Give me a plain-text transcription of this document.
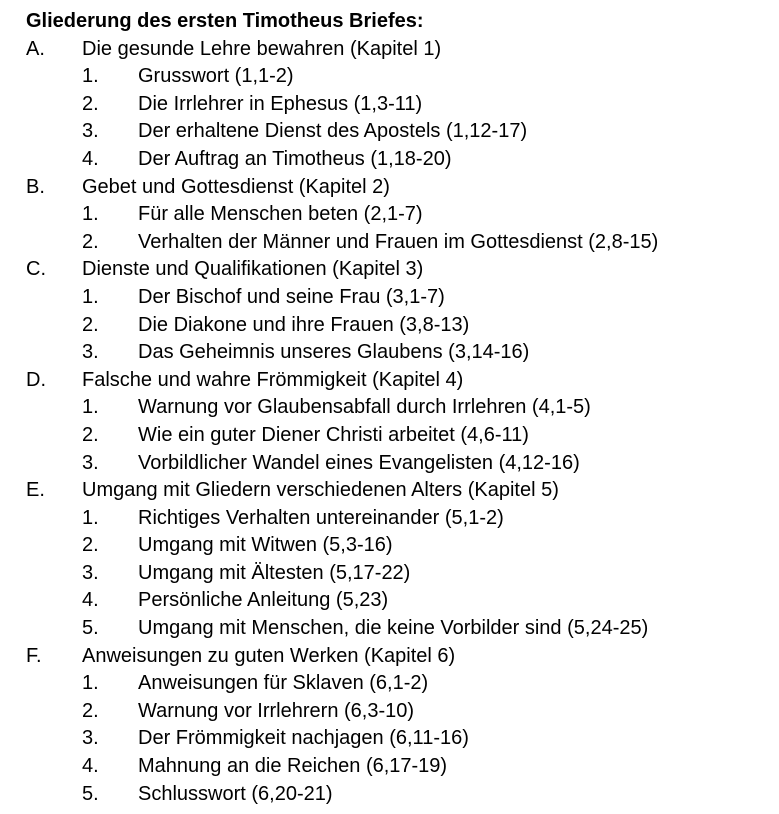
Gliederung des ersten Timotheus Briefes:
A.	Die gesunde Lehre bewahren (Kapitel 1)
1.	Grusswort (1,1-2)
2.	Die Irrlehrer in Ephesus (1,3-11)
3.	Der erhaltene Dienst des Apostels (1,12-17)
4.	Der Auftrag an Timotheus (1,18-20)
B.	Gebet und Gottesdienst (Kapitel 2)
1.	Für alle Menschen beten (2,1-7)
2.	Verhalten der Männer und Frauen im Gottesdienst (2,8-15)
C.	Dienste und Qualifikationen (Kapitel 3)
1.	Der Bischof und seine Frau (3,1-7)
2.	Die Diakone und ihre Frauen (3,8-13)
3.	Das Geheimnis unseres Glaubens (3,14-16)
D.	Falsche und wahre Frömmigkeit (Kapitel 4)
1.	Warnung vor Glaubensabfall durch Irrlehren (4,1-5)
2.	Wie ein guter Diener Christi arbeitet (4,6-11)
3.	Vorbildlicher Wandel eines Evangelisten (4,12-16)
E.	Umgang mit Gliedern verschiedenen Alters (Kapitel 5)
1.	Richtiges Verhalten untereinander (5,1-2)
2.	Umgang mit Witwen (5,3-16)
3.	Umgang mit Ältesten (5,17-22)
4.	Persönliche Anleitung (5,23)
5.	Umgang mit Menschen, die keine Vorbilder sind (5,24-25)
F.	Anweisungen zu guten Werken (Kapitel 6)
1.	Anweisungen für Sklaven (6,1-2)
2.	Warnung vor Irrlehrern (6,3-10)
3.	Der Frömmigkeit nachjagen (6,11-16)
4.	Mahnung an die Reichen (6,17-19)
5.	Schlusswort (6,20-21)
